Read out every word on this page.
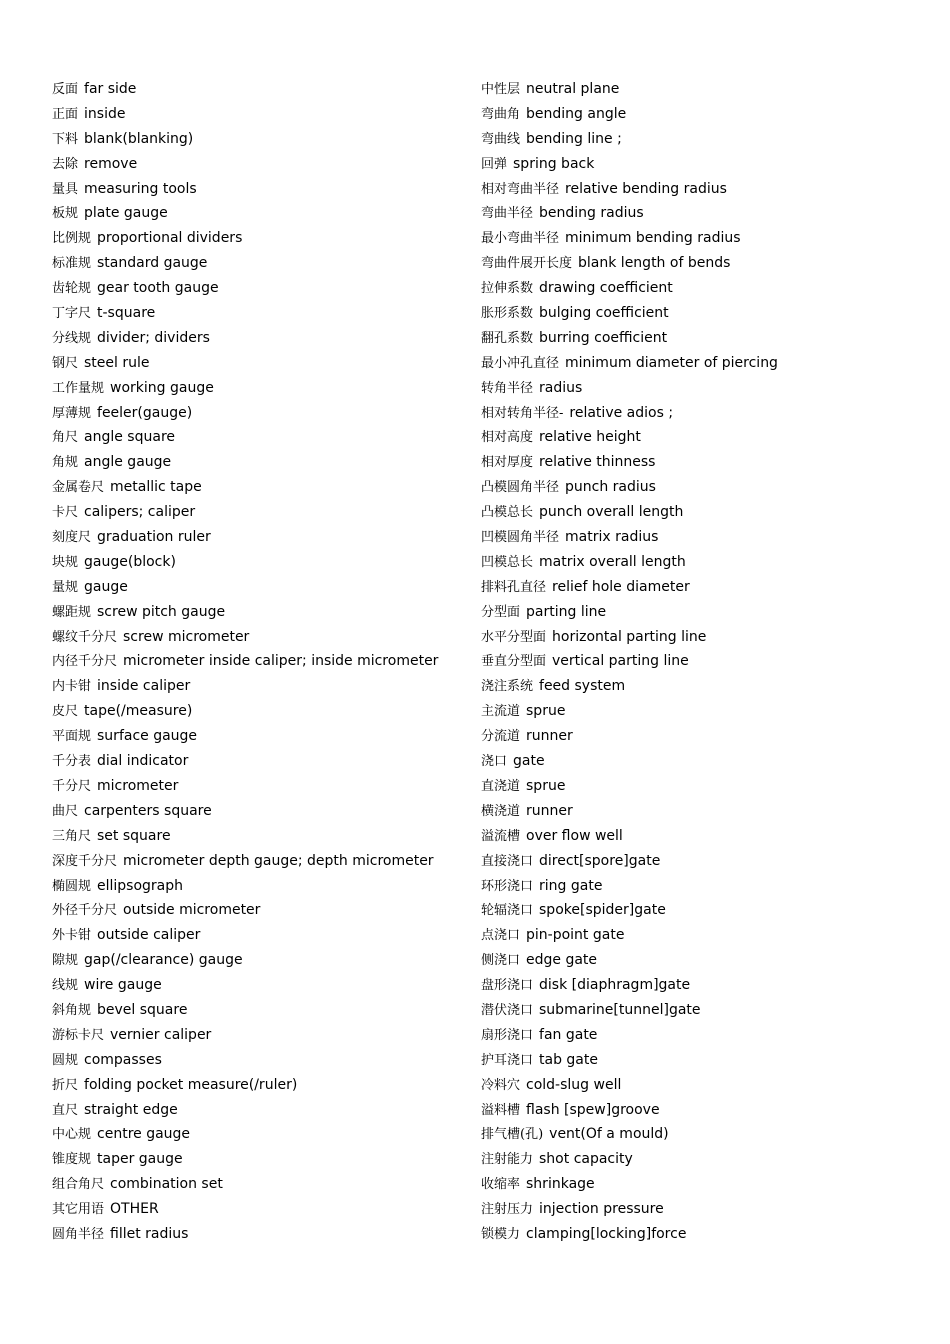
反面 far side
正面 inside
下料 blank(blanking)
去除 remove
量具 measuring tools
板规 plate gauge
比例规 proportional dividers
标准规 standard gauge
齿轮规 gear tooth gauge
丁字尺 t-square
分线规 divider; dividers
钢尺 steel rule
工作量规 working gauge
厚薄规 feeler(gauge)
角尺 angle square
角规 angle gauge
金属卷尺 metallic tape
卡尺 calipers; caliper
刻度尺 graduation ruler
块规 gauge(block)
量规 gauge
螺距规 screw pitch gauge
螺纹千分尺 screw micrometer
内径千分尺 micrometer inside caliper; inside micrometer
内卡钳 inside caliper
皮尺 tape(/measure)
平面规 surface gauge
千分表 dial indicator
千分尺 micrometer
曲尺 carpenters square
三角尺 set square
深度千分尺 micrometer depth gauge; depth micrometer
椭圆规 ellipsograph
外径千分尺 outside micrometer
外卡钳 outside caliper
隙规 gap(/clearance) gauge
线规 wire gauge
斜角规 bevel square
游标卡尺 vernier caliper
圆规 compasses
折尺 folding pocket measure(/ruler)
直尺 straight edge
中心规 centre gauge
锥度规 taper gauge
组合角尺 combination set
其它用语 OTHER
圆角半径 fillet radius
中性层 neutral plane
弯曲角 bending angle
弯曲线 bending line ;
回弹 spring back
相对弯曲半径 relative bending radius
弯曲半径 bending radius
最小弯曲半径 minimum bending radius
弯曲件展开长度 blank length of bends
拉伸系数 drawing coefficient
胀形系数 bulging coefficient
翻孔系数 burring coefficient
最小冲孔直径 minimum diameter of piercing
转角半径 radius
相对转角半径- relative adios ;
相对高度 relative height
相对厚度 relative thinness
凸模圆角半径 punch radius
凸模总长 punch overall length
凹模圆角半径 matrix radius
凹模总长 matrix overall length
排料孔直径 relief hole diameter
分型面 parting line
水平分型面 horizontal parting line
垂直分型面 vertical parting line
浇注系统 feed system
主流道 sprue
分流道 runner
浇口 gate
直浇道 sprue
横浇道 runner
溢流槽 over flow well
直接浇口 direct[spore]gate
环形浇口 ring gate
轮辐浇口 spoke[spider]gate
点浇口 pin-point gate
侧浇口 edge gate
盘形浇口 disk [diaphragm]gate
潜伏浇口 submarine[tunnel]gate
扇形浇口 fan gate
护耳浇口 tab gate
冷料穴 cold-slug well
溢料槽 flash [spew]groove
排气槽(孔) vent(Of a mould)
注射能力 shot capacity
收缩率 shrinkage
注射压力 injection pressure
锁模力 clamping[locking]force
